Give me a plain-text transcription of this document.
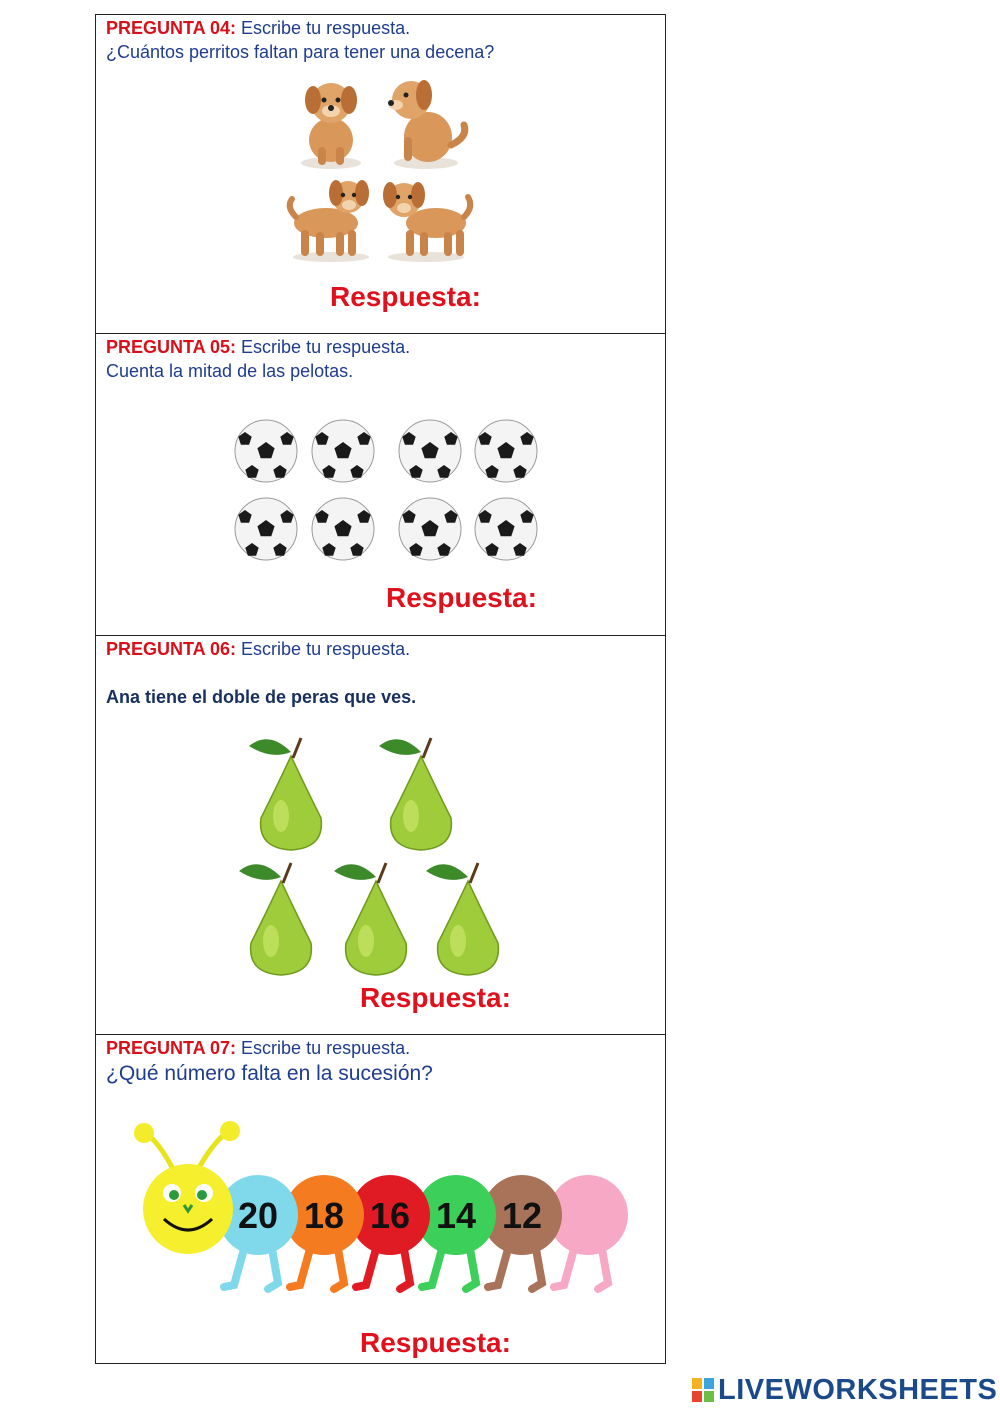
PREGUNTA 04: Escribe tu respuesta.
¿Cuántos perritos faltan para tener una decena?
Respuesta:
PREGUNTA 05: Escribe tu respuesta.
Cuenta la mitad de las pelotas.
Respuesta:
PREGUNTA 06: Escribe tu respuesta.
Ana tiene el doble de peras que ves.
Respuesta:
PREGUNTA 07: Escribe tu respuesta.
¿Qué número falta en la sucesión?
12
14
16
18
20
Respuesta:
LIVEWORKSHEETS
